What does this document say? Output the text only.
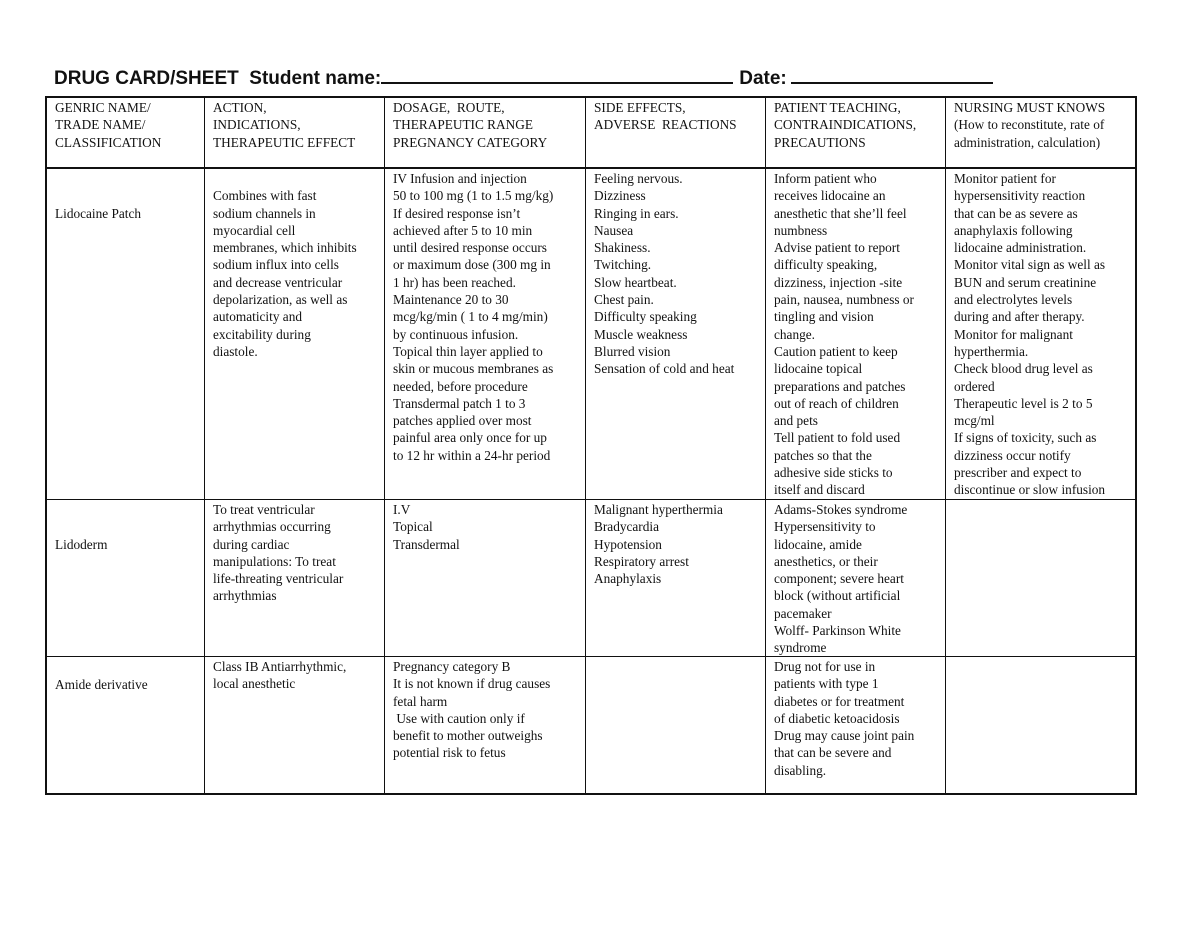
DRUG CARD/SHEET Student name:	Date:
GENRIC NAME/
TRADE NAME/
CLASSIFICATION
ACTION,
INDICATIONS,
THERAPEUTIC EFFECT
DOSAGE,  ROUTE,
THERAPEUTIC RANGE
PREGNANCY CATEGORY
SIDE EFFECTS,
ADVERSE  REACTIONS
PATIENT TEACHING,
CONTRAINDICATIONS,
PRECAUTIONS
NURSING MUST KNOWS
(How to reconstitute, rate of
administration, calculation)
Lidocaine Patch

Combines with fast
sodium channels in
myocardial cell
membranes, which inhibits
sodium influx into cells
and decrease ventricular
depolarization, as well as
automaticity and
excitability during
diastole.
IV Infusion and injection
50 to 100 mg (1 to 1.5 mg/kg)
If desired response isn’t
achieved after 5 to 10 min
until desired response occurs
or maximum dose (300 mg in
1 hr) has been reached.
Maintenance 20 to 30
mcg/kg/min ( 1 to 4 mg/min)
by continuous infusion.
Topical thin layer applied to
skin or mucous membranes as
needed, before procedure
Transdermal patch 1 to 3
patches applied over most
painful area only once for up
to 12 hr within a 24-hr period
Feeling nervous.
Dizziness
Ringing in ears.
Nausea
Shakiness.
Twitching.
Slow heartbeat.
Chest pain.
Difficulty speaking
Muscle weakness
Blurred vision
Sensation of cold and heat
Inform patient who
receives lidocaine an
anesthetic that she’ll feel
numbness
Advise patient to report
difficulty speaking,
dizziness, injection -site
pain, nausea, numbness or
tingling and vision
change.
Caution patient to keep
lidocaine topical
preparations and patches
out of reach of children
and pets
Tell patient to fold used
patches so that the
adhesive side sticks to
itself and discard
Monitor patient for
hypersensitivity reaction
that can be as severe as
anaphylaxis following
lidocaine administration.
Monitor vital sign as well as
BUN and serum creatinine
and electrolytes levels
during and after therapy.
Monitor for malignant
hyperthermia.
Check blood drug level as
ordered
Therapeutic level is 2 to 5
mcg/ml
If signs of toxicity, such as
dizziness occur notify
prescriber and expect to
discontinue or slow infusion
Lidoderm
To treat ventricular
arrhythmias occurring
during cardiac
manipulations: To treat
life-threating ventricular
arrhythmias
I.V
Topical
Transdermal
Malignant hyperthermia
Bradycardia
Hypotension
Respiratory arrest
Anaphylaxis
Adams-Stokes syndrome
Hypersensitivity to
lidocaine, amide
anesthetics, or their
component; severe heart
block (without artificial
pacemaker
Wolff- Parkinson White
syndrome
Amide derivative
Class IB Antiarrhythmic,
local anesthetic
Pregnancy category B
It is not known if drug causes
fetal harm
Use with caution only if
benefit to mother outweighs
potential risk to fetus
Drug not for use in
patients with type 1
diabetes or for treatment
of diabetic ketoacidosis
Drug may cause joint pain
that can be severe and
disabling.
